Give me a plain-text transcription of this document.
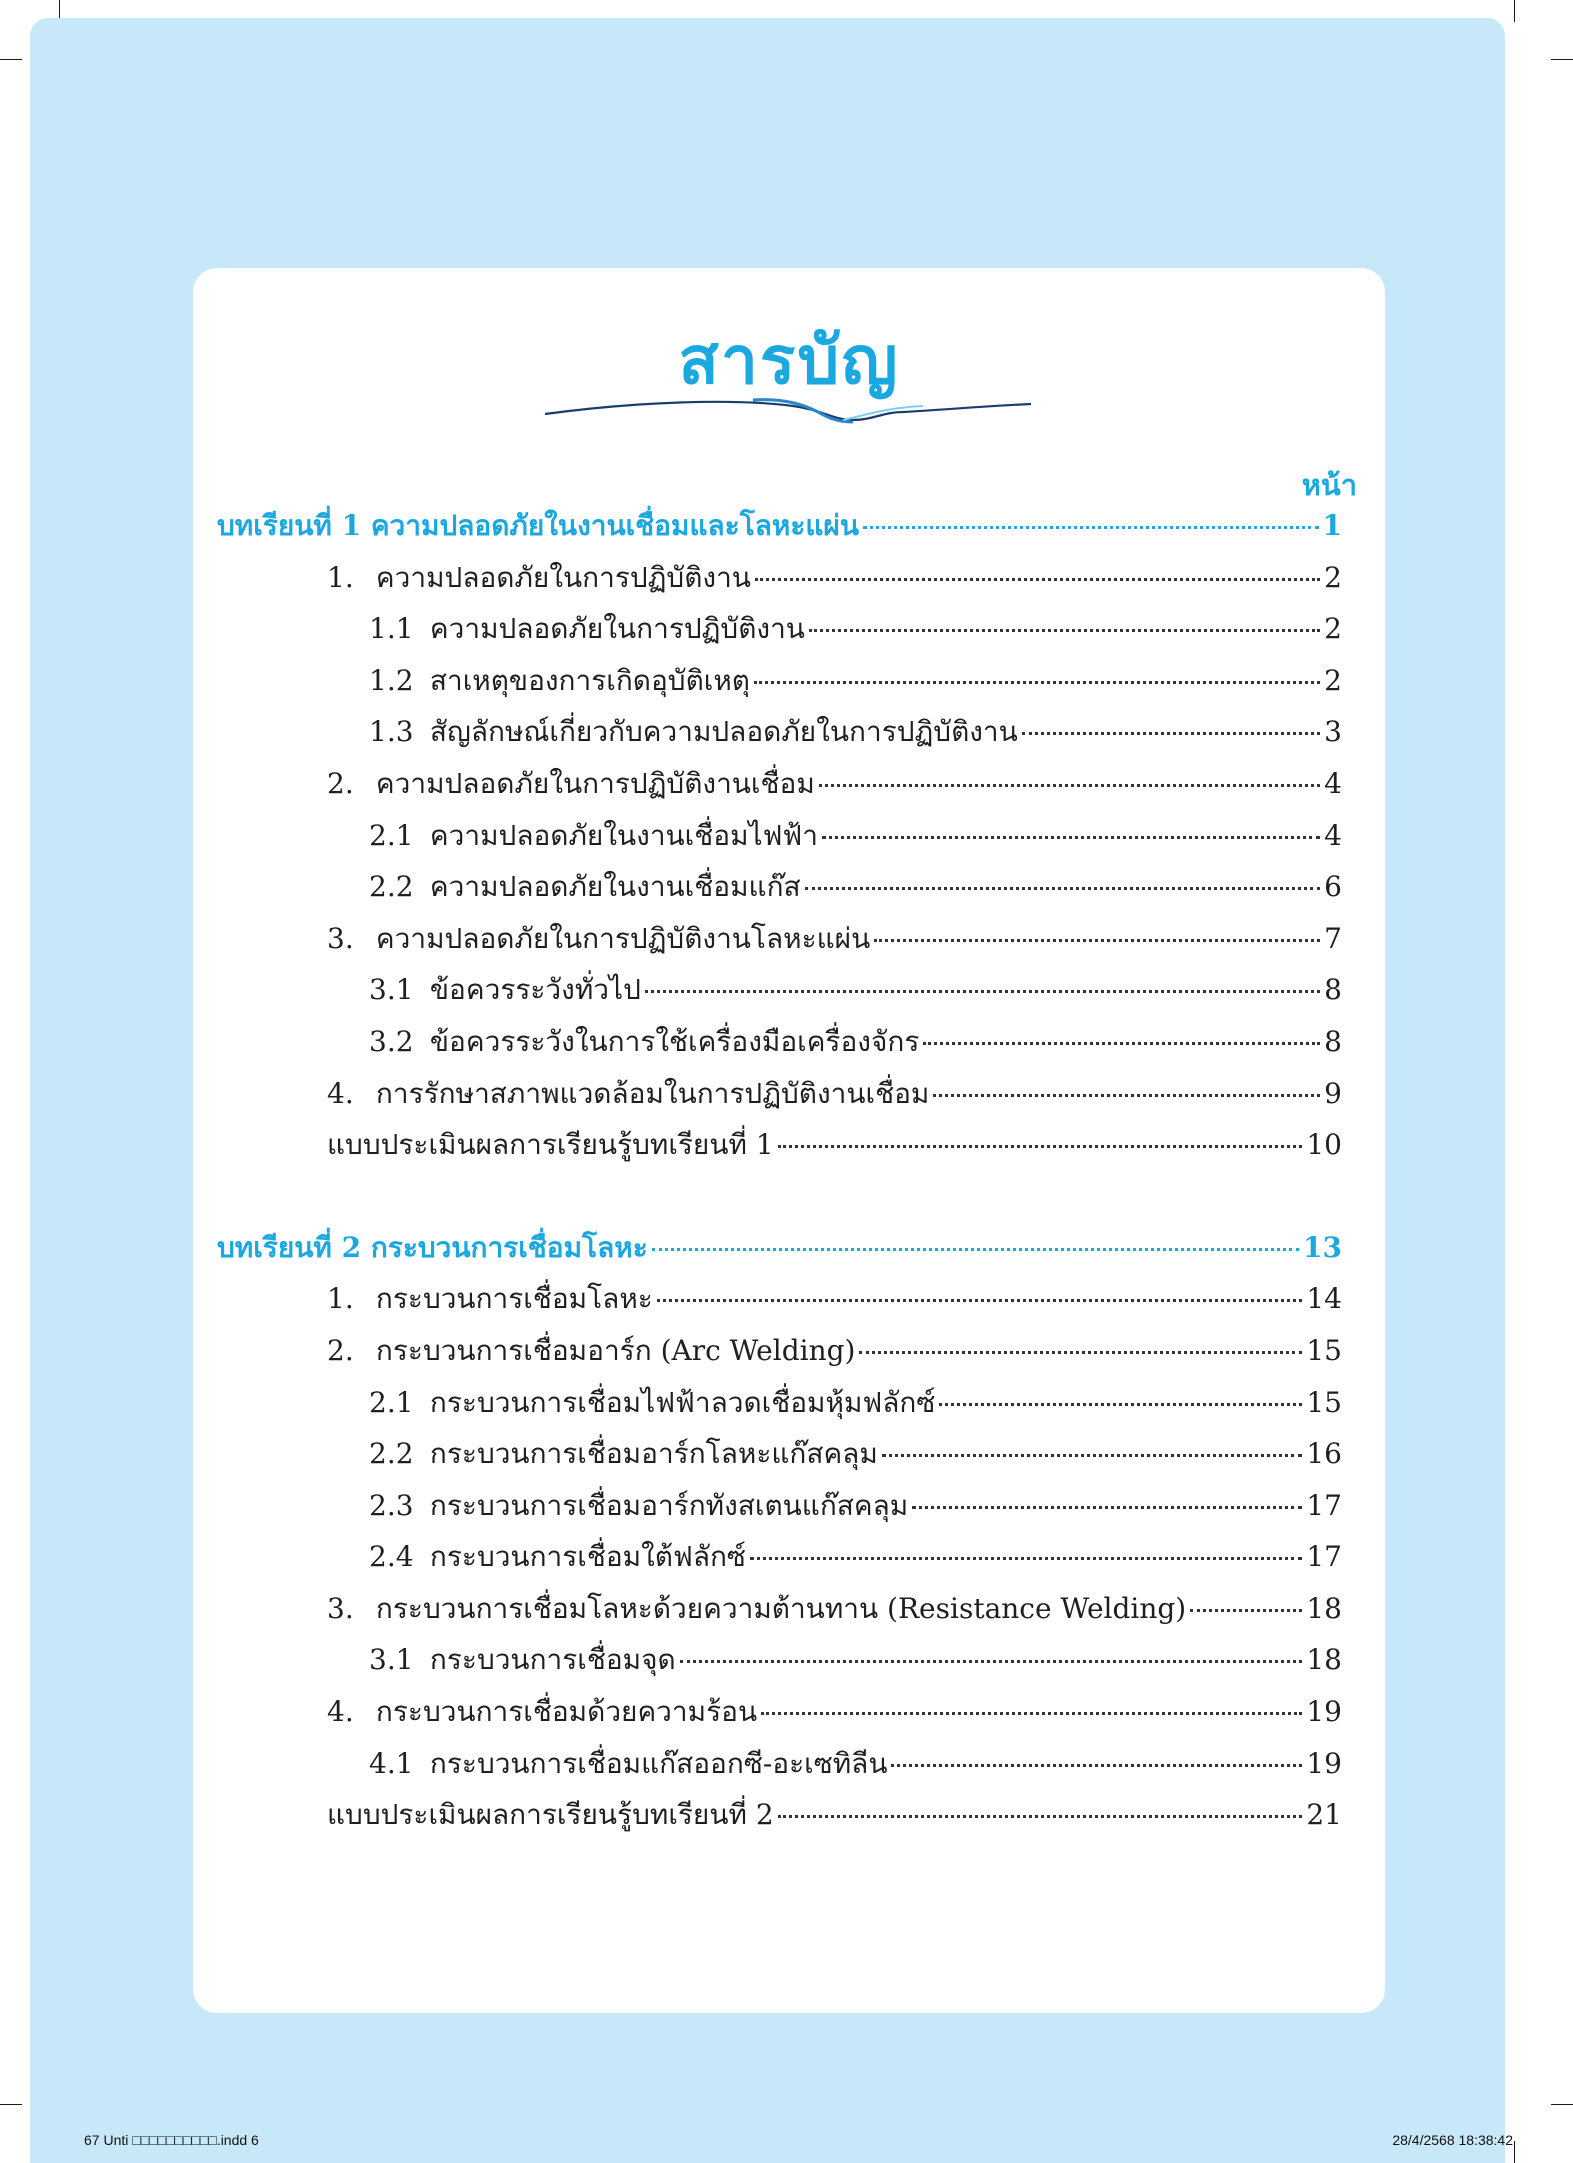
สารบัญ
หน้า
บทเรียนที่ 1 ความปลอดภัยในงานเชื่อมและโลหะแผ่น	1
1. ความปลอดภัยในการปฏิบัติงาน	2
1.1 ความปลอดภัยในการปฏิบัติงาน	2
1.2 สาเหตุของการเกิดอุบัติเหตุ	2
1.3 สัญลักษณ์เกี่ยวกับความปลอดภัยในการปฏิบัติงาน	3
2. ความปลอดภัยในการปฏิบัติงานเชื่อม	4
2.1 ความปลอดภัยในงานเชื่อมไฟฟ้า	4
2.2 ความปลอดภัยในงานเชื่อมแก๊ส	6
3. ความปลอดภัยในการปฏิบัติงานโลหะแผ่น	7
3.1 ข้อควรระวังทั่วไป	8
3.2 ข้อควรระวังในการใช้เครื่องมือเครื่องจักร	8
4. การรักษาสภาพแวดล้อมในการปฏิบัติงานเชื่อม	9
แบบประเมินผลการเรียนรู้บทเรียนที่ 1	10
บทเรียนที่ 2 กระบวนการเชื่อมโลหะ	13
1. กระบวนการเชื่อมโลหะ	14
2. กระบวนการเชื่อมอาร์ก (Arc Welding)	15
2.1 กระบวนการเชื่อมไฟฟ้าลวดเชื่อมหุ้มฟลักซ์	15
2.2 กระบวนการเชื่อมอาร์กโลหะแก๊สคลุม	16
2.3 กระบวนการเชื่อมอาร์กทังสเตนแก๊สคลุม	17
2.4 กระบวนการเชื่อมใต้ฟลักซ์	17
3. กระบวนการเชื่อมโลหะด้วยความต้านทาน (Resistance Welding)	18
3.1 กระบวนการเชื่อมจุด	18
4. กระบวนการเชื่อมด้วยความร้อน	19
4.1 กระบวนการเชื่อมแก๊สออกซี-อะเซทิลีน	19
แบบประเมินผลการเรียนรู้บทเรียนที่ 2	21
67 Unti □□□□□□□□□□.indd 6	28/4/2568 18:38:42
